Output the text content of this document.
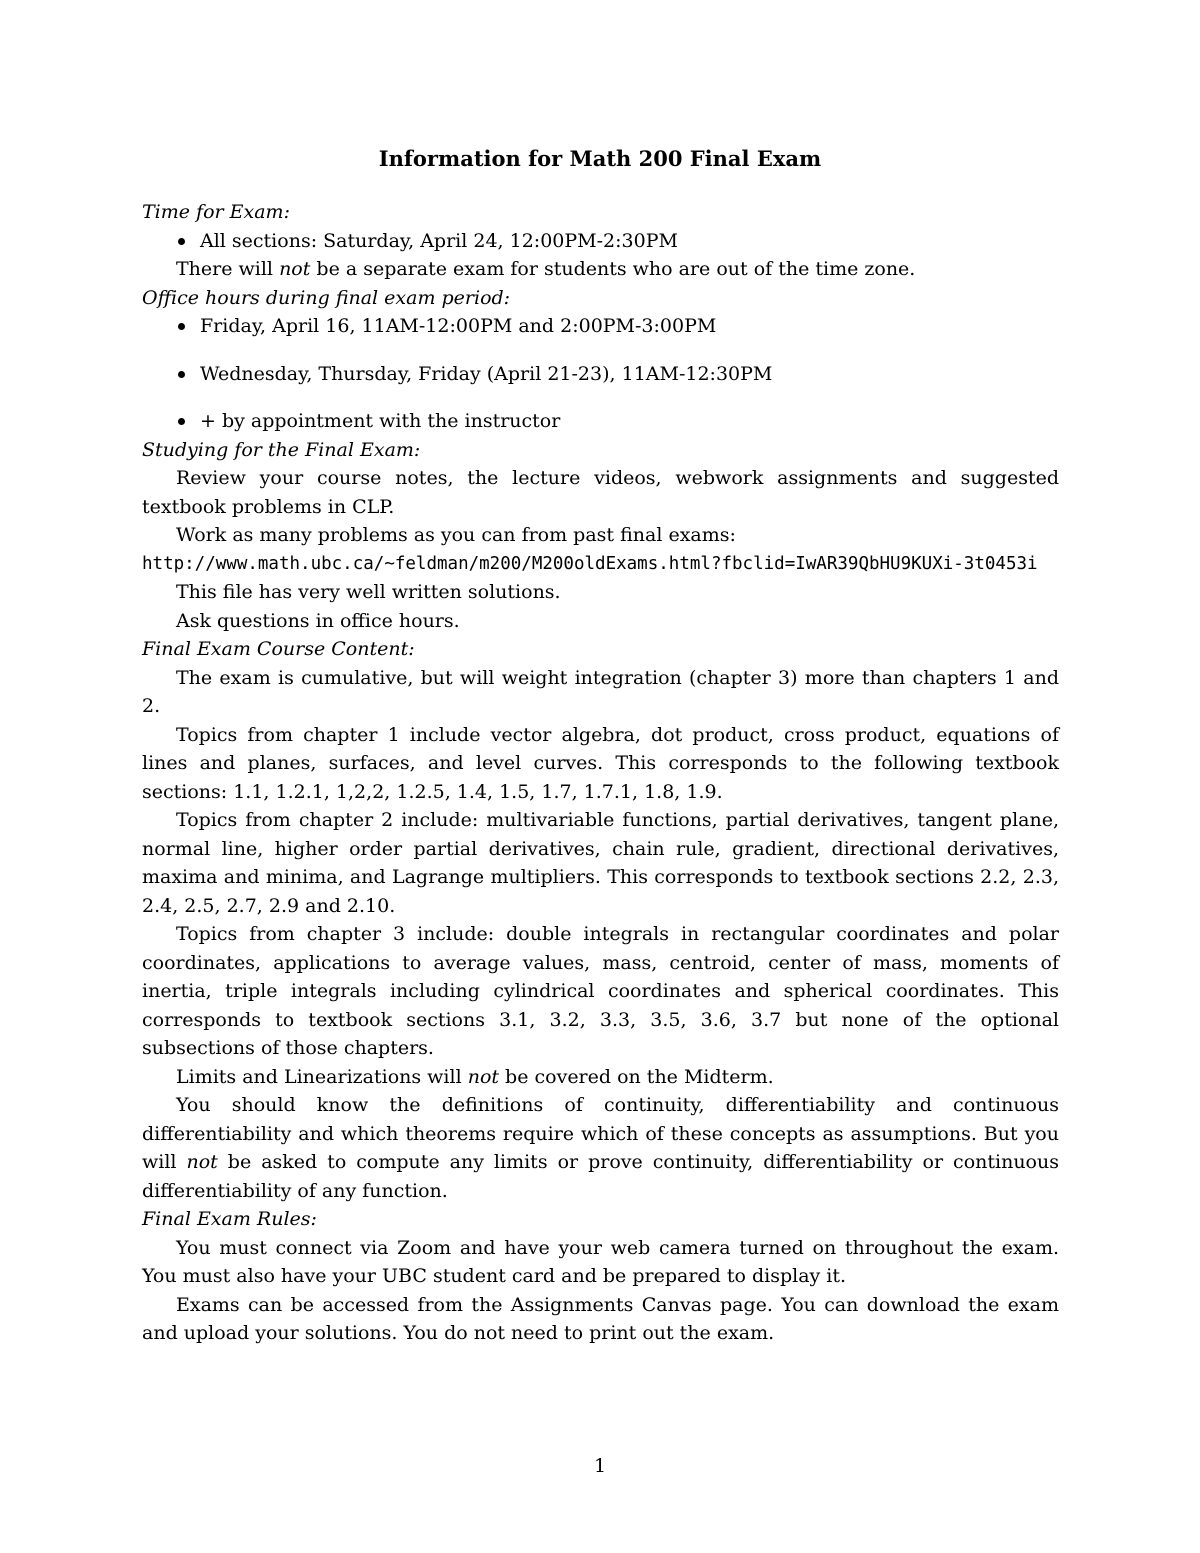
Information for Math 200 Final Exam

Time for Exam:

All sections: Saturday, April 24, 12:00PM-2:30PM

There will not be a separate exam for students who are out of the time zone.

Office hours during final exam period:

Friday, April 16, 11AM-12:00PM and 2:00PM-3:00PM
Wednesday, Thursday, Friday (April 21-23), 11AM-12:30PM
+ by appointment with the instructor

Studying for the Final Exam:

Review your course notes, the lecture videos, webwork assignments and suggested textbook problems in CLP.

Work as many problems as you can from past final exams:

http://www.math.ubc.ca/~feldman/m200/M200oldExams.html?fbclid=IwAR39QbHU9KUXi-3t0453i

This file has very well written solutions.

Ask questions in office hours.

Final Exam Course Content:

The exam is cumulative, but will weight integration (chapter 3) more than chapters 1 and 2.

Topics from chapter 1 include vector algebra, dot product, cross product, equations of lines and planes, surfaces, and level curves. This corresponds to the following textbook sections: 1.1, 1.2.1, 1,2,2, 1.2.5, 1.4, 1.5, 1.7, 1.7.1, 1.8, 1.9.

Topics from chapter 2 include: multivariable functions, partial derivatives, tangent plane, normal line, higher order partial derivatives, chain rule, gradient, directional derivatives, maxima and minima, and Lagrange multipliers. This corresponds to textbook sections 2.2, 2.3, 2.4, 2.5, 2.7, 2.9 and 2.10.

Topics from chapter 3 include: double integrals in rectangular coordinates and polar coordinates, applications to average values, mass, centroid, center of mass, moments of inertia, triple integrals including cylindrical coordinates and spherical coordinates. This corresponds to textbook sections 3.1, 3.2, 3.3, 3.5, 3.6, 3.7 but none of the optional subsections of those chapters.

Limits and Linearizations will not be covered on the Midterm.

You should know the definitions of continuity, differentiability and continuous differentiability and which theorems require which of these concepts as assumptions. But you will not be asked to compute any limits or prove continuity, differentiability or continuous differentiability of any function.

Final Exam Rules:

You must connect via Zoom and have your web camera turned on throughout the exam. You must also have your UBC student card and be prepared to display it.

Exams can be accessed from the Assignments Canvas page. You can download the exam and upload your solutions. You do not need to print out the exam.

1
